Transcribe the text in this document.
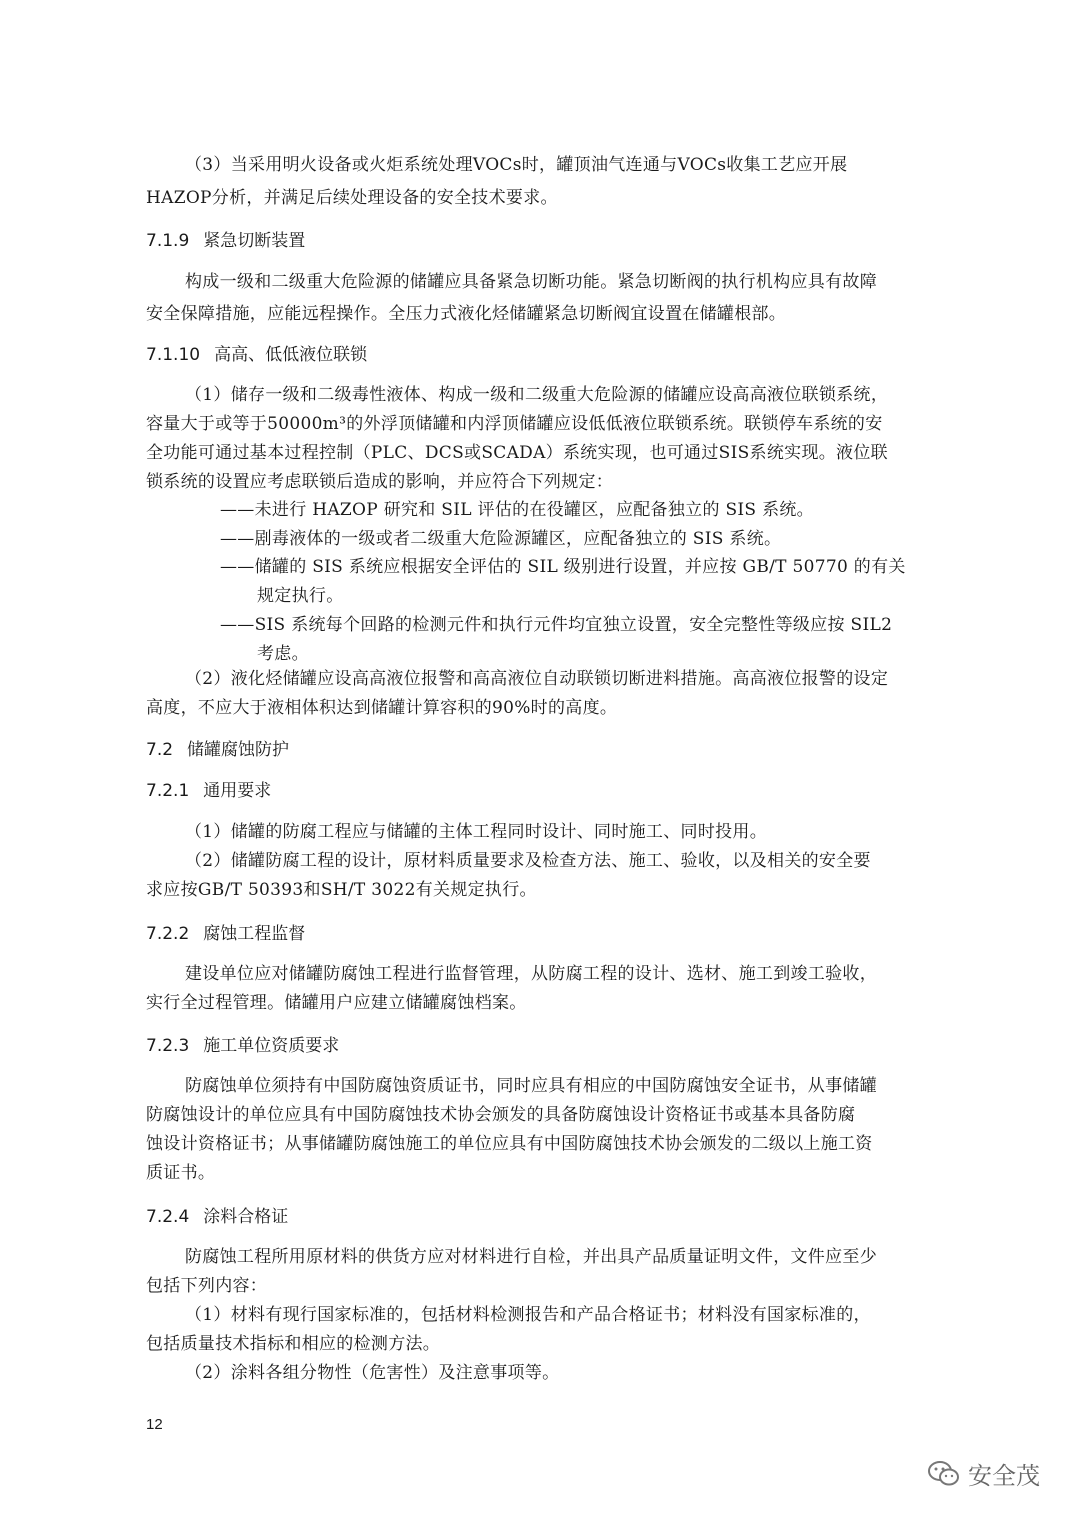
（3）当采用明火设备或火炬系统处理VOCs时，罐顶油气连通与VOCs收集工艺应开展
HAZOP分析，并满足后续处理设备的安全技术要求。
7.1.9 紧急切断装置
构成一级和二级重大危险源的储罐应具备紧急切断功能。紧急切断阀的执行机构应具有故障
安全保障措施，应能远程操作。全压力式液化烃储罐紧急切断阀宜设置在储罐根部。
7.1.10 高高、低低液位联锁
（1）储存一级和二级毒性液体、构成一级和二级重大危险源的储罐应设高高液位联锁系统，
容量大于或等于50000m³的外浮顶储罐和内浮顶储罐应设低低液位联锁系统。联锁停车系统的安
全功能可通过基本过程控制（PLC、DCS或SCADA）系统实现，也可通过SIS系统实现。液位联
锁系统的设置应考虑联锁后造成的影响，并应符合下列规定：
——未进行 HAZOP 研究和 SIL 评估的在役罐区，应配备独立的 SIS 系统。
——剧毒液体的一级或者二级重大危险源罐区，应配备独立的 SIS 系统。
——储罐的 SIS 系统应根据安全评估的 SIL 级别进行设置，并应按 GB/T 50770 的有关
规定执行。
——SIS 系统每个回路的检测元件和执行元件均宜独立设置，安全完整性等级应按 SIL2
考虑。
（2）液化烃储罐应设高高液位报警和高高液位自动联锁切断进料措施。高高液位报警的设定
高度，不应大于液相体积达到储罐计算容积的90%时的高度。
7.2 储罐腐蚀防护
7.2.1 通用要求
（1）储罐的防腐工程应与储罐的主体工程同时设计、同时施工、同时投用。
（2）储罐防腐工程的设计，原材料质量要求及检查方法、施工、验收，以及相关的安全要
求应按GB/T 50393和SH/T 3022有关规定执行。
7.2.2 腐蚀工程监督
建设单位应对储罐防腐蚀工程进行监督管理，从防腐工程的设计、选材、施工到竣工验收，
实行全过程管理。储罐用户应建立储罐腐蚀档案。
7.2.3 施工单位资质要求
防腐蚀单位须持有中国防腐蚀资质证书，同时应具有相应的中国防腐蚀安全证书，从事储罐
防腐蚀设计的单位应具有中国防腐蚀技术协会颁发的具备防腐蚀设计资格证书或基本具备防腐
蚀设计资格证书；从事储罐防腐蚀施工的单位应具有中国防腐蚀技术协会颁发的二级以上施工资
质证书。
7.2.4 涂料合格证
防腐蚀工程所用原材料的供货方应对材料进行自检，并出具产品质量证明文件，文件应至少
包括下列内容：
（1）材料有现行国家标准的，包括材料检测报告和产品合格证书；材料没有国家标准的，
包括质量技术指标和相应的检测方法。
（2）涂料各组分物性（危害性）及注意事项等。
12
安全茂
